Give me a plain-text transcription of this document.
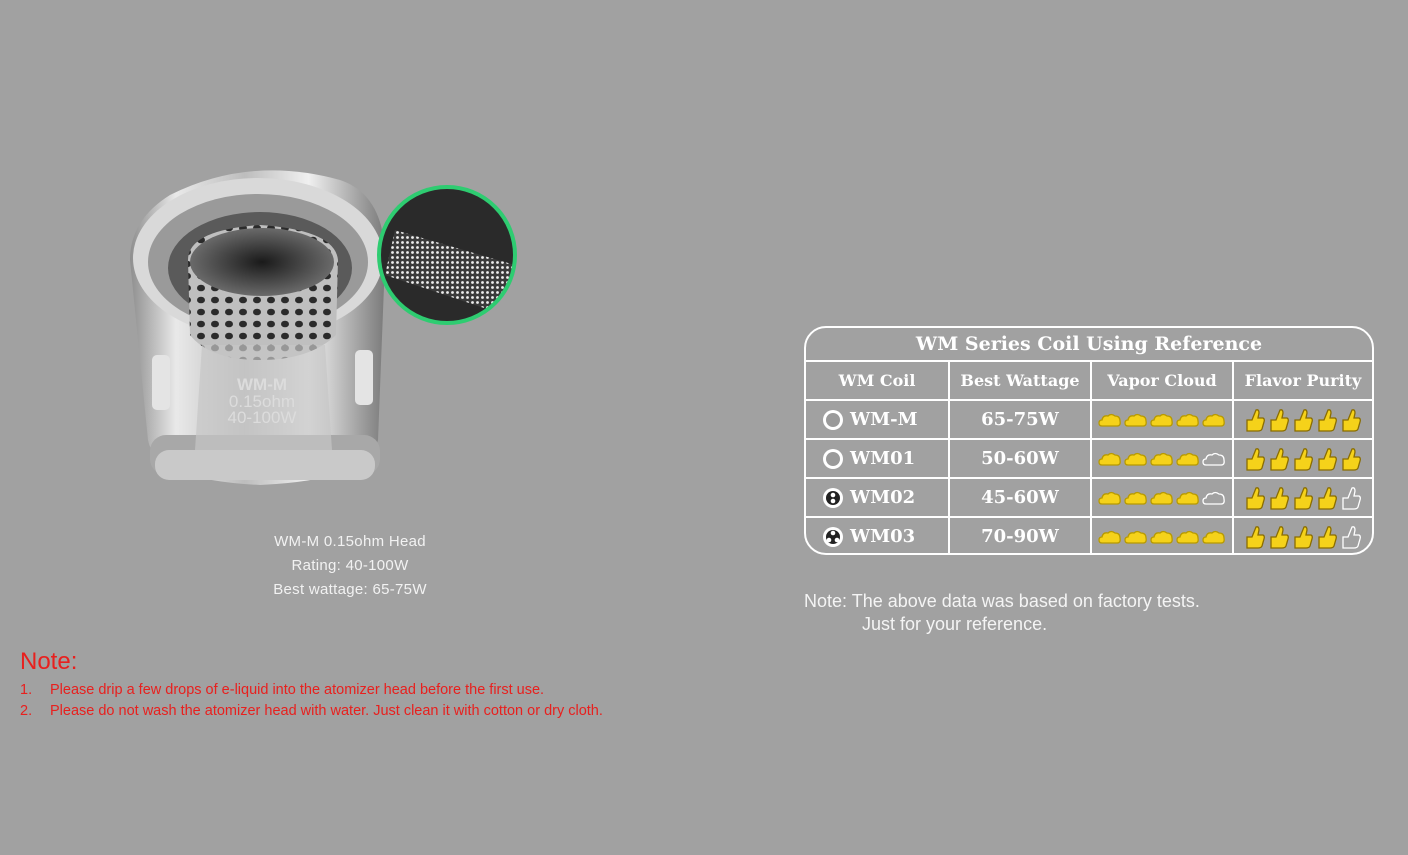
WM-M
0.15ohm
40-100W
WM-M 0.15ohm Head
Rating: 40-100W
Best wattage: 65-75W
Note:
1.	Please drip a few drops of e-liquid into the atomizer head before the first use.
2.	Please do not wash the atomizer head with water. Just clean it with cotton or dry cloth.
WM Series Coil Using Reference
WM Coil	Best Wattage	Vapor Cloud	Flavor Purity
WM-M	65-75W
WM01	50-60W
WM02	45-60W
WM03	70-90W
Note: The above data was based on factory tests.
Just for your reference.
